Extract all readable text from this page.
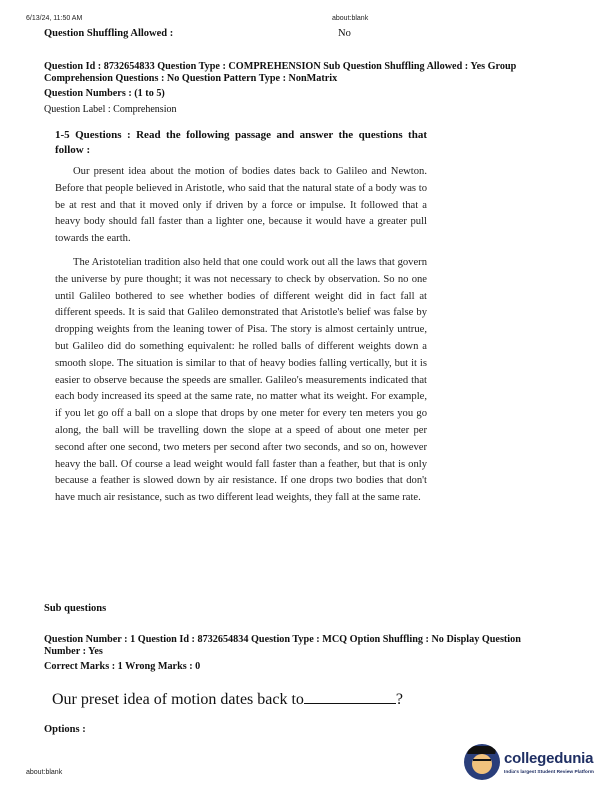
6/13/24, 11:50 AM	about:blank
Question Shuffling Allowed :	No
Question Id : 8732654833 Question Type : COMPREHENSION Sub Question Shuffling Allowed : Yes Group
Comprehension Questions : No Question Pattern Type : NonMatrix
Question Numbers : (1 to 5)
Question Label : Comprehension
1-5 Questions : Read the following passage and answer the questions that follow :

Our present idea about the motion of bodies dates back to Galileo and Newton. Before that people believed in Aristotle, who said that the natural state of a body was to be at rest and that it moved only if driven by a force or impulse. It followed that a heavy body should fall faster than a lighter one, because it would have a greater pull towards the earth.

The Aristotelian tradition also held that one could work out all the laws that govern the universe by pure thought; it was not necessary to check by observation. So no one until Galileo bothered to see whether bodies of different weight did in fact fall at different speeds. It is said that Galileo demonstrated that Aristotle's belief was false by dropping weights from the leaning tower of Pisa. The story is almost certainly untrue, but Galileo did do something equivalent: he rolled balls of different weights down a smooth slope. The situation is similar to that of heavy bodies falling vertically, but it is easier to observe because the speeds are smaller. Galileo's measurements indicated that each body increased its speed at the same rate, no matter what its weight. For example, if you let go off a ball on a slope that drops by one meter for every ten meters you go along, the ball will be travelling down the slope at a speed of about one meter per second after one second, two meters per second after two seconds, and so on, however heavy the ball. Of course a lead weight would fall faster than a feather, but that is only because a feather is slowed down by air resistance. If one drops two bodies that don't have much air resistance, such as two different lead weights, they fall at the same rate.

Sub questions
Question Number : 1 Question Id : 8732654834 Question Type : MCQ Option Shuffling : No Display Question
Number : Yes
Correct Marks : 1 Wrong Marks : 0
Our preset idea of motion dates back to	?
Options :
about:blank
collegedunia
India's largest Student Review Platform
